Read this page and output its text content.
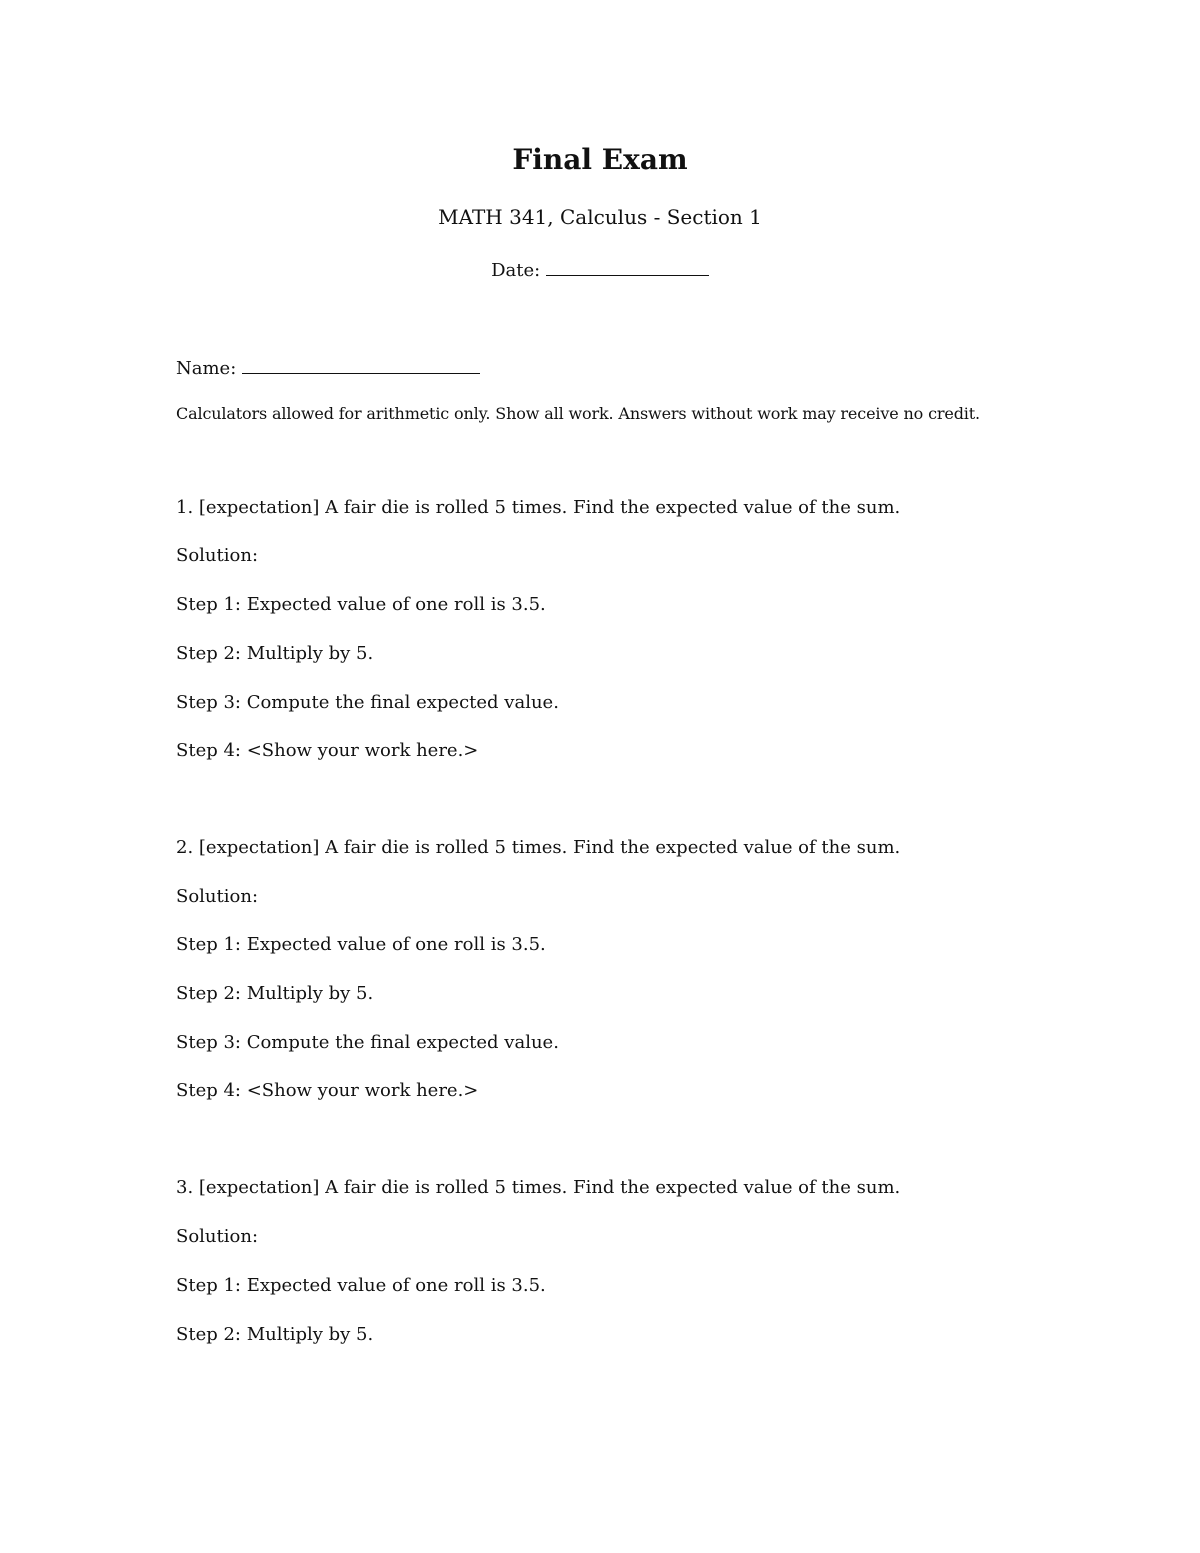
Final Exam
MATH 341, Calculus - Section 1
Date:
Name:
Calculators allowed for arithmetic only. Show all work. Answers without work may receive no credit.
1. [expectation] A fair die is rolled 5 times. Find the expected value of the sum.
Solution:
Step 1: Expected value of one roll is 3.5.
Step 2: Multiply by 5.
Step 3: Compute the final expected value.
Step 4: <Show your work here.>
2. [expectation] A fair die is rolled 5 times. Find the expected value of the sum.
Solution:
Step 1: Expected value of one roll is 3.5.
Step 2: Multiply by 5.
Step 3: Compute the final expected value.
Step 4: <Show your work here.>
3. [expectation] A fair die is rolled 5 times. Find the expected value of the sum.
Solution:
Step 1: Expected value of one roll is 3.5.
Step 2: Multiply by 5.
